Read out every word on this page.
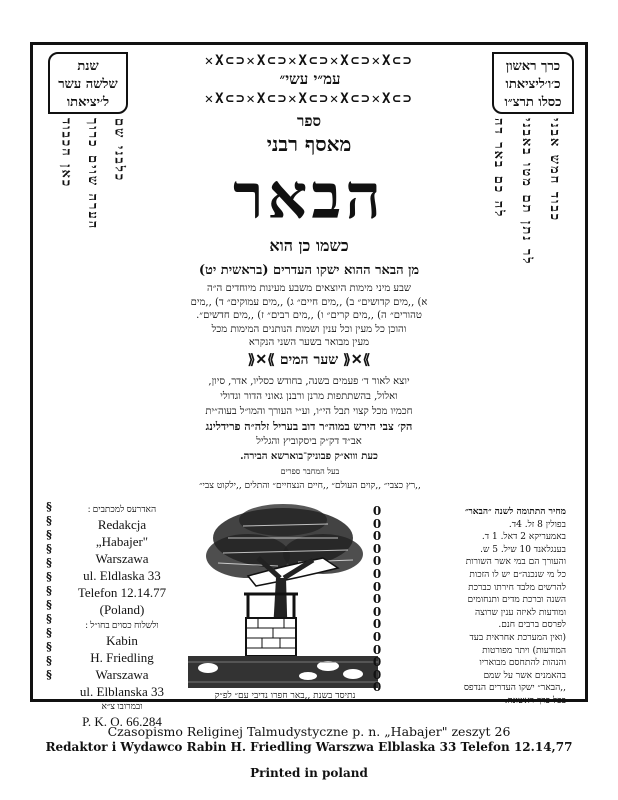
✕X⊂⊃✕X⊂⊃✕X⊂⊃✕X⊂⊃✕X⊂⊃
עמ״י עשי״
✕X⊂⊃✕X⊂⊃✕X⊂⊃✕X⊂⊃✕X⊂⊃
שנת
שלשה עשר
ל׳יציאתו
כרך ראשון
כ׳ו׳ליציאתו
כסלו תרצ״ו
ספר
מאסף רבני
הבאר
כשמו כן הוא
כאן הכבוד הערה שוים כרוך כלבני שם	לה כם באר דה לר נתן תם מטו באבני כבוד חמש אבני
מן הבאר ההוא ישקו העדרים (בראשית יט)
שבע מיני מימות היוצאים משבע מעינות מיוחדים ה״ה
א) ,,מים קדושים״ ב) ,,מים חיים״ ג) ,,מים עמוקים״ ד) ,,מים
טהורים״ ה) ,,מים קרים״ ו) ,,מים רבים״ ז) ,,מים חדשים״.
והוכן כל מעין וכל ענין ושמות הנותנים המימות מכל
מעין מבואר בשער השני הנקרא
⟫✕⟪ שער המים ⟫✕⟪
יוצא לאור ד׳ פעמים בשנה, בחודש כסליו, אדר, סיון,
ואלול, בהשתתפות מרנן ורבנן גאוני הדור וגדולי
חכמיו מכל קצוי תבל הי״ו, וע״י העורך והמו״ל בעוה״ית
הק׳ צבי הירש במוה״ר דוב בעריל זלה״ה פרידלינג
אב״ד דק״ק ביסקוביץ והגליל
כעת וווא״ק פבוניק־בוארשא הבירה.
בעל המחבר ספרים
,,רץ כצבי״ ,,קוים העולם״ ,,חיים הנצחיים״ והתלים ,,ילקוט צבי״
§
§
§
§
§
§
§
§
§
§
§
§
§
האדרעס למכתבים :
Redakcja
„Habajer"
Warszawa
ul. Eldlaska 33
Telefon 12.14.77
(Poland)
ולשלוח כסוים בחו״ל :
Kabin
H. Friedling
Warszawa
ul. Elblanska 33
ובמרובו צ״א
P. K. O. 66.284
מחיר התתומה לשנה ״הבאר״
בפולין 8 זל. 4ד.
באמעריקא 2 דאל. 1 ד.
בענגלאנד 10 שיל. 5 ש.
והעורך הם במי אשר השורות
כל מי שנכנה״ם יש לו הזכות
להרשים מלבד חירתו כברכת
השנה וברכת מדים ותנחומים
ומודעות לאיזה ענין שרוצה
לפרסם ברבים חנם.
(ואין המערכת אחראית בעד
המודעות) ויתר מפורטות
והנהות להתחסם מבואריו
בהאמנים אשר על שמם
,,הבאר״ ישקו העדרים הנדפס
בכל כרך ראשונה.
0
0
0
0
0
0
0
0
0
0
0
0
0
0
0
נתיסד בשנת ,,באר חפרו נדיבי עם״ לפ״ק
Czasopismo Religinej Talmudystyczne p. n. „Habajer" zeszyt 26
Redaktor i Wydawco Rabin H. Friedling Warszwa Elblaska 33 Telefon 12.14,77
Printed in poland
